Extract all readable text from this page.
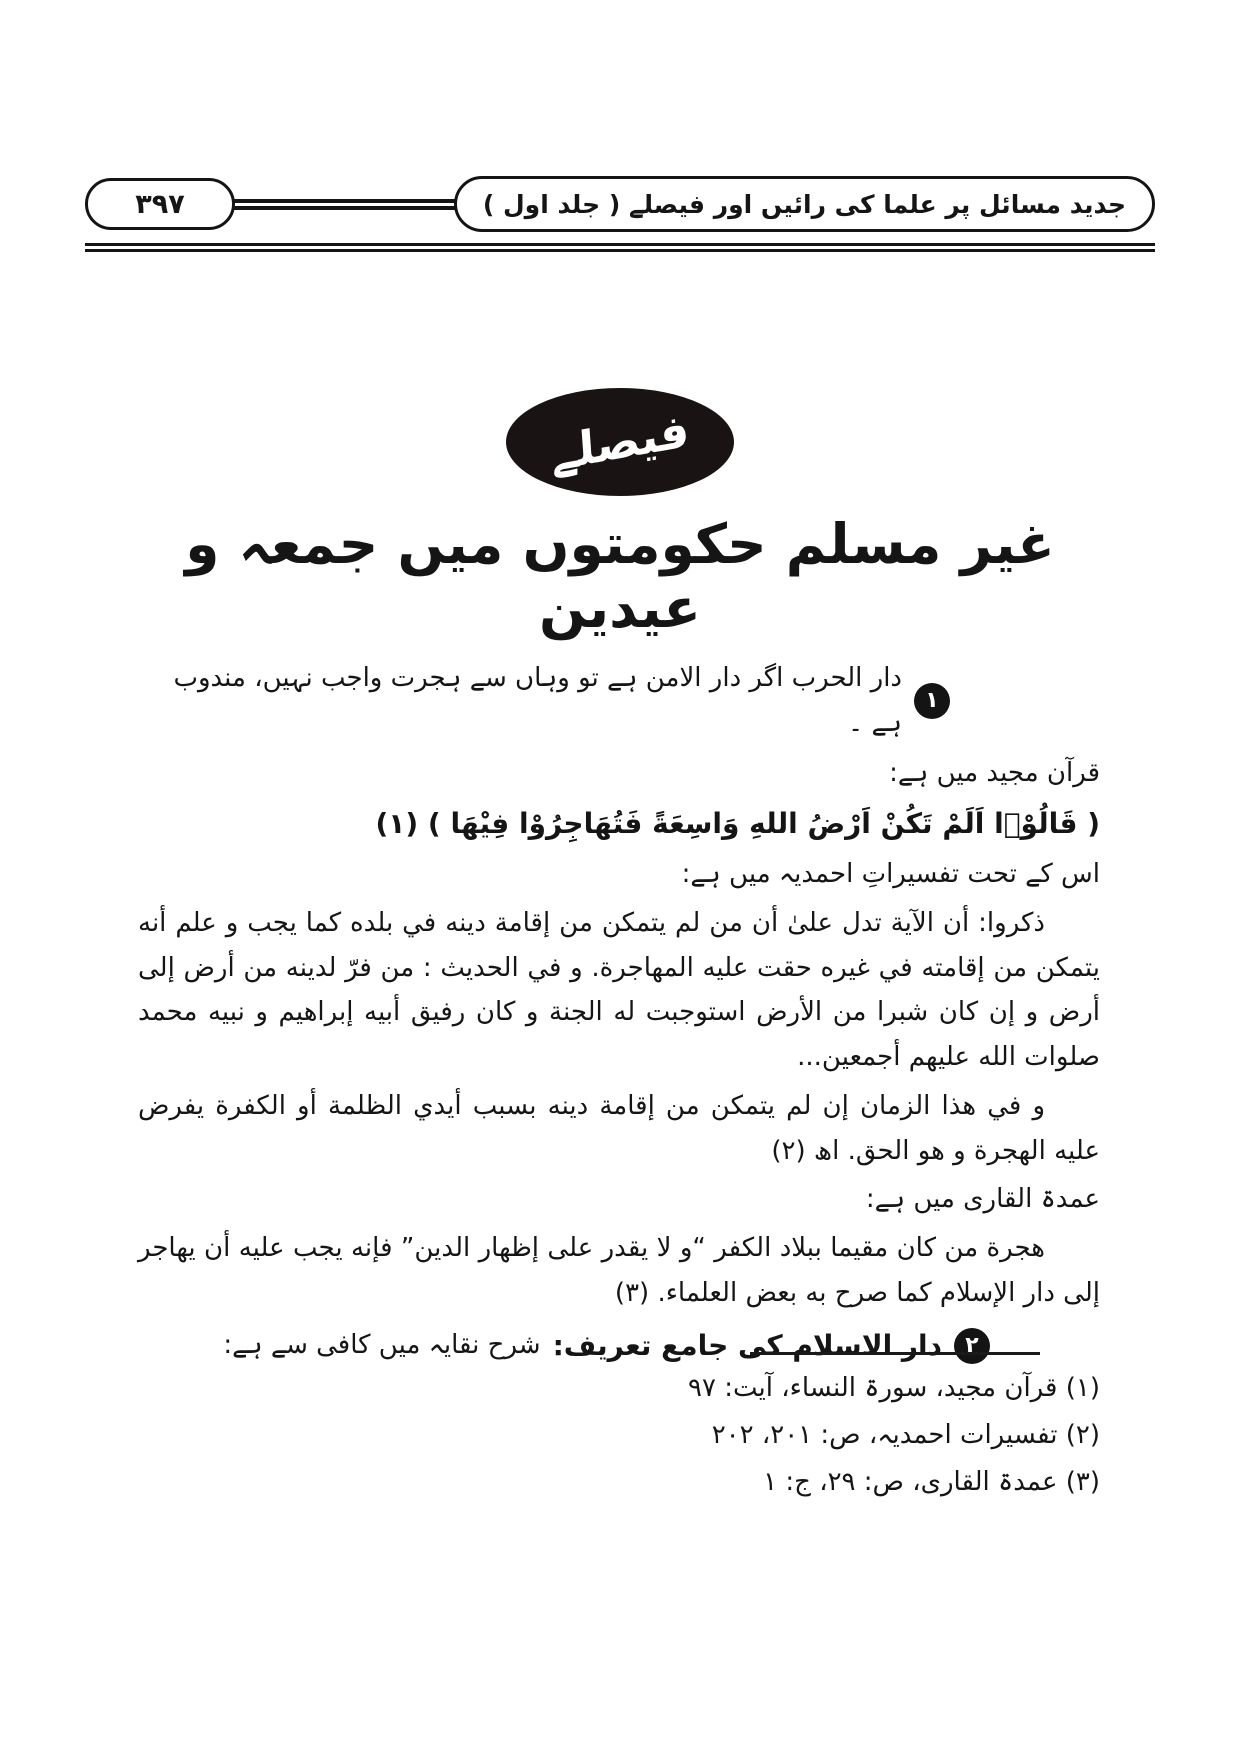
جدید مسائل پر علما کی رائیں اور فیصلے ( جلد اول )
٣٩٧
فیصلے
غیر مسلم حکومتوں میں جمعہ و عیدین
١
دار الحرب اگر دار الامن ہے تو وہاں سے ہجرت واجب نہیں، مندوب ہے ۔

قرآن مجید میں ہے:

( قَالُوْۤا اَلَمْ تَكُنْ اَرْضُ اللهِ وَاسِعَةً فَتُهَاجِرُوْا فِيْهَا ) (١)

اس کے تحت تفسیراتِ احمدیہ میں ہے:

ذكروا: أن الآية تدل علىٰ أن من لم يتمكن من إقامة دينه في بلده كما يجب و علم أنه يتمكن من إقامته في غيره حقت عليه المهاجرة. و في الحديث : من فرّ لدينه من أرض إلى أرض و إن كان شبرا من الأرض استوجبت له الجنة و كان رفيق أبيه إبراهيم و نبيه محمد صلوات الله عليهم أجمعين...

و في هذا الزمان إن لم يتمكن من إقامة دينه بسبب أيدي الظلمة أو الكفرة يفرض عليه الهجرة و هو الحق. اھ (٢)

عمدۃ القاری میں ہے:

هجرة من كان مقيما ببلاد الكفر “و لا يقدر على إظهار الدين” فإنه يجب عليه أن يهاجر إلى دار الإسلام كما صرح به بعض العلماء. (٣)

٢
دار الاسلام کی جامع تعریف:
شرح نقایہ میں کافی سے ہے:
(١) قرآن مجید، سورۃ النساء، آیت: ٩٧
(٢) تفسیرات احمدیہ، ص: ٢٠١، ٢٠٢
(٣) عمدۃ القاری، ص: ٢٩، ج: ١
